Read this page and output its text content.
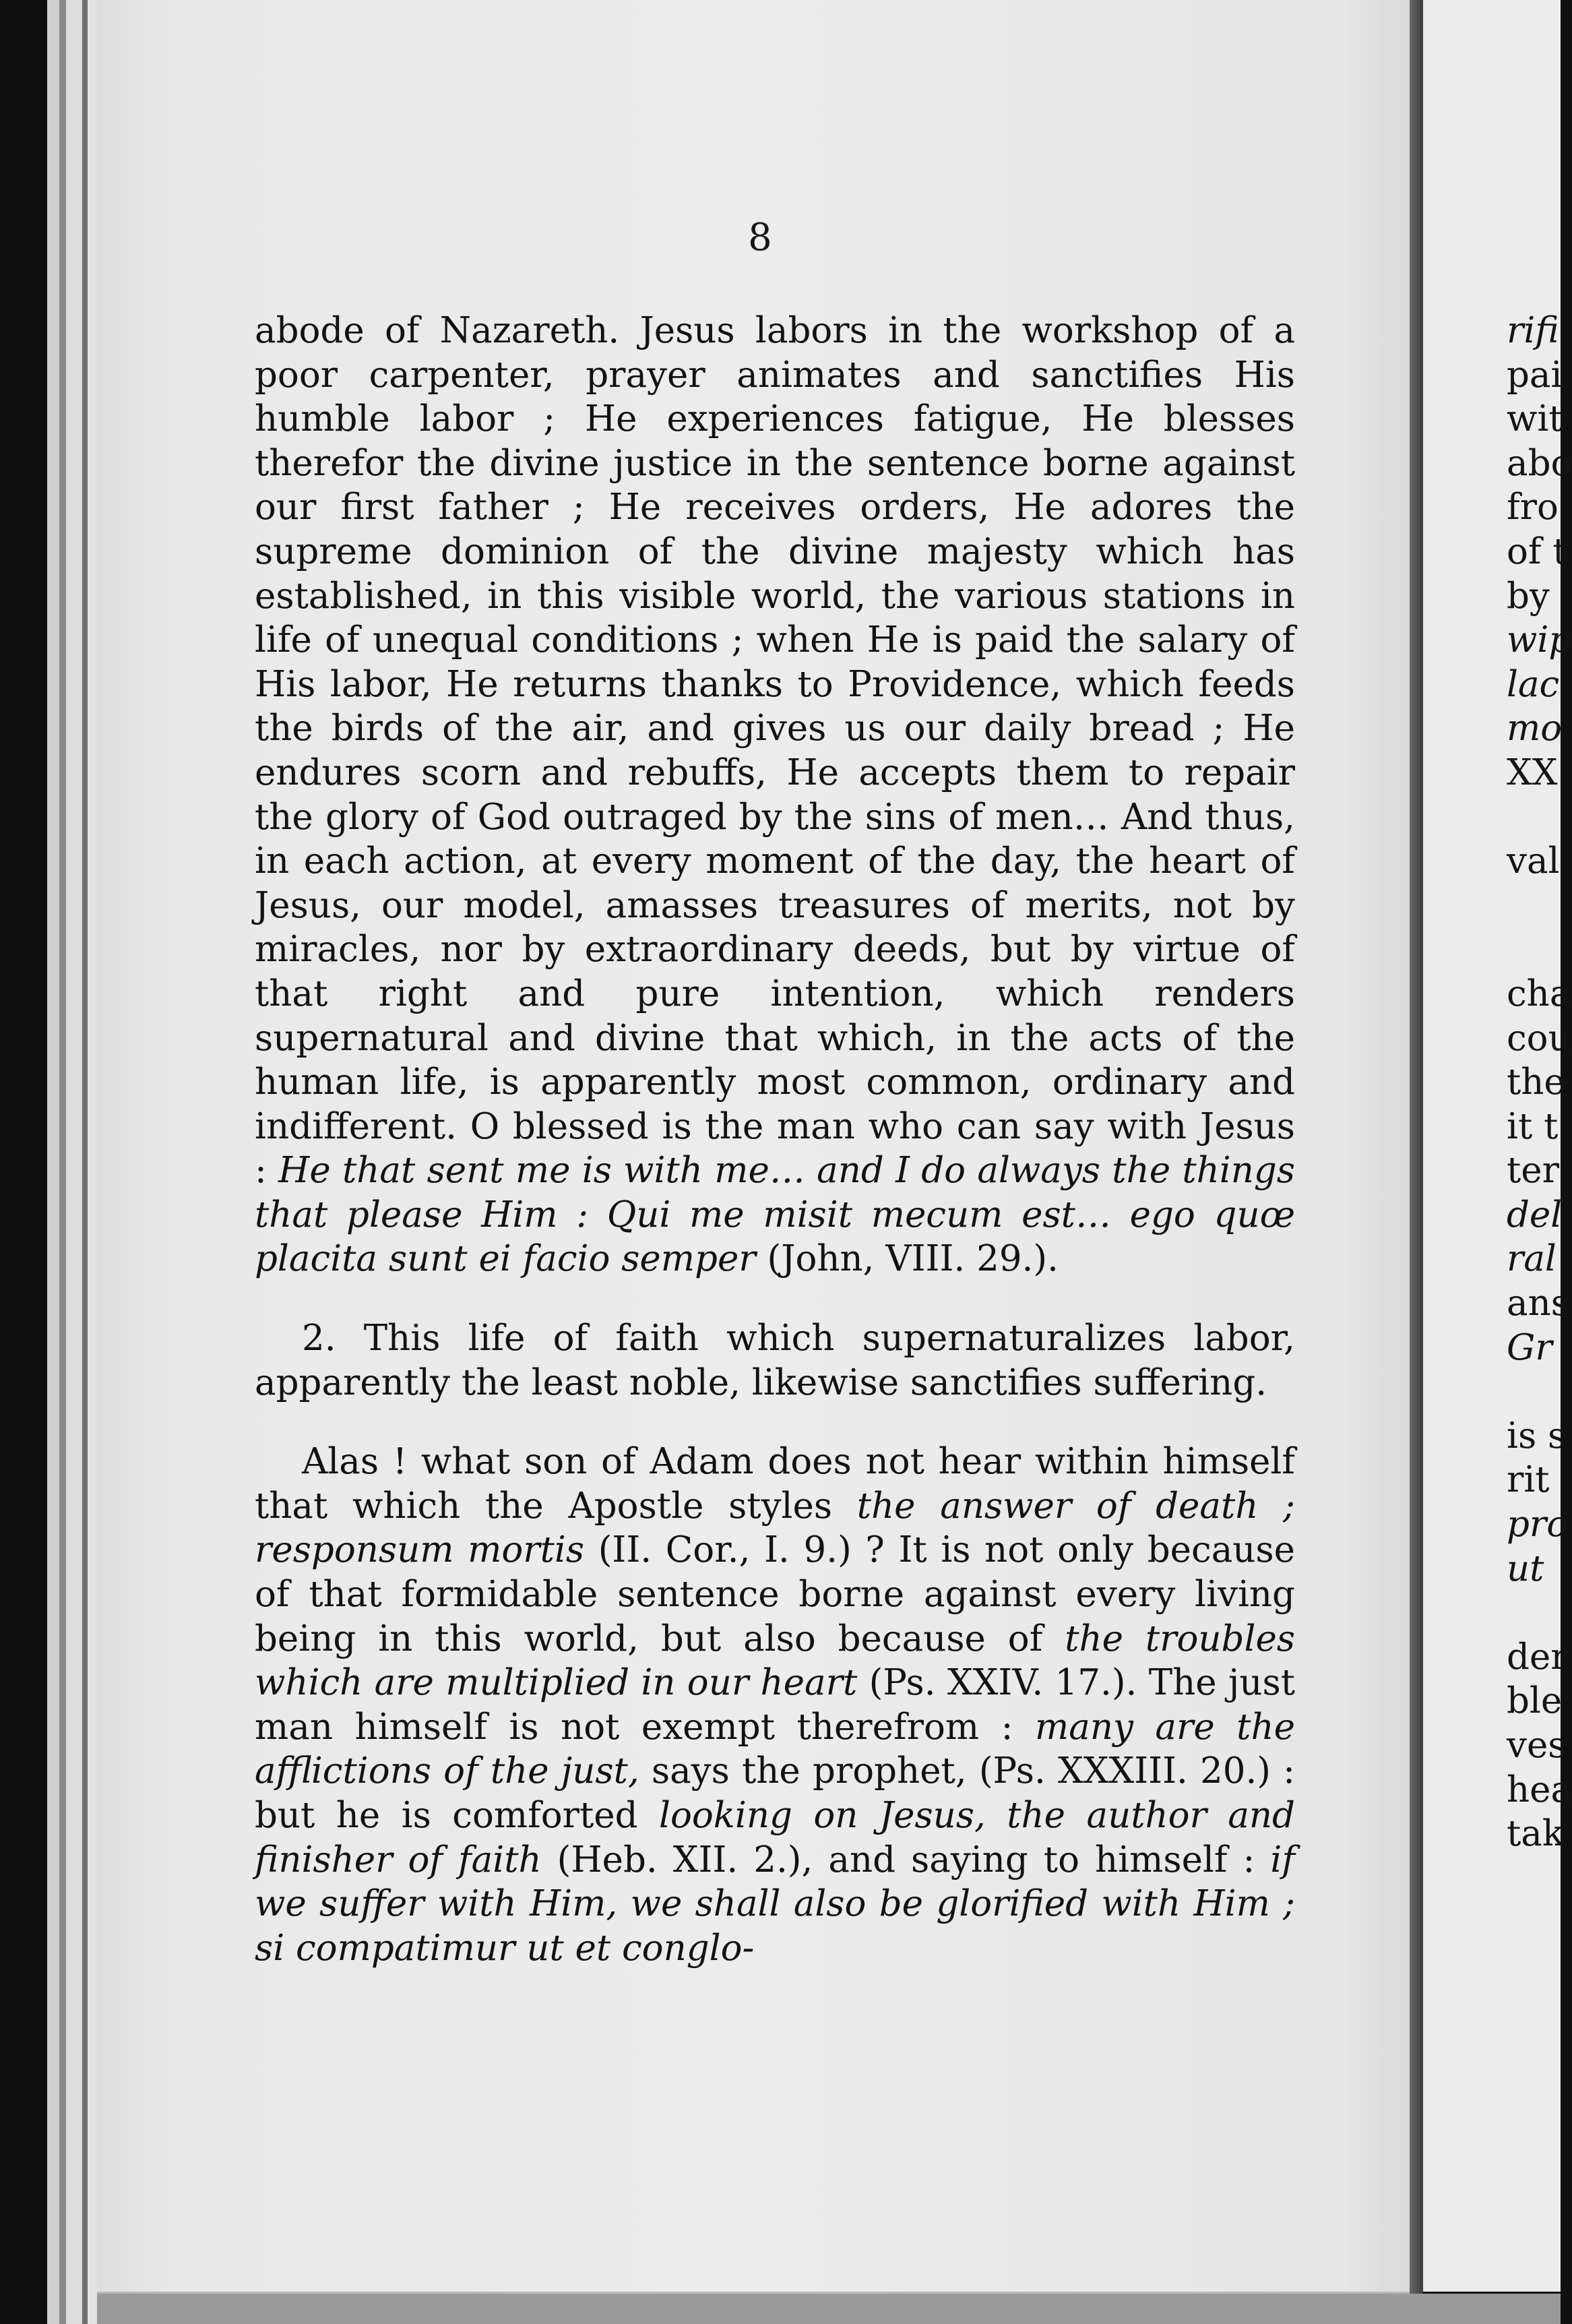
8

abode of Nazareth. Jesus labors in the workshop of a poor carpenter, prayer animates and sanctifies His humble labor ; He experiences fatigue, He blesses therefor the divine justice in the sentence borne against our first father ; He receives orders, He adores the supreme dominion of the divine majesty which has established, in this visible world, the various stations in life of unequal conditions ; when He is paid the salary of His labor, He returns thanks to Providence, which feeds the birds of the air, and gives us our daily bread ; He endures scorn and rebuffs, He accepts them to repair the glory of God outraged by the sins of men… And thus, in each action, at every moment of the day, the heart of Jesus, our model, amasses treasures of merits, not by miracles, nor by extraordinary deeds, but by virtue of that right and pure intention, which renders supernatural and divine that which, in the acts of the human life, is apparently most common, ordinary and indifferent. O blessed is the man who can say with Jesus : He that sent me is with me… and I do always the things that please Him : Qui me misit mecum est… ego quœ placita sunt ei facio semper (John, VIII. 29.).

2. This life of faith which supernaturalizes labor, apparently the least noble, likewise sanctifies suffering.

Alas ! what son of Adam does not hear within himself that which the Apostle styles the answer of death ; responsum mortis (II. Cor., I. 9.) ? It is not only because of that formidable sentence borne against every living being in this world, but also because of the troubles which are multiplied in our heart (Ps. XXIV. 17.). The just man himself is not exempt therefrom : many are the afflictions of the just, says the prophet, (Ps. XXXIII. 20.) : but he is comforted looking on Jesus, the author and finisher of faith (Heb. XII. 2.), and saying to himself : if we suffer with Him, we shall also be glorified with Him ; si compatimur ut et conglo-

rifi
pai
wit
abo
fro
of t
by
wip
lac
mo
XX
val
cha
cou
the
it t
ter
del
ral
ans
Gr
is s
rit
pro
ut
der
ble
ves
hea
tak
